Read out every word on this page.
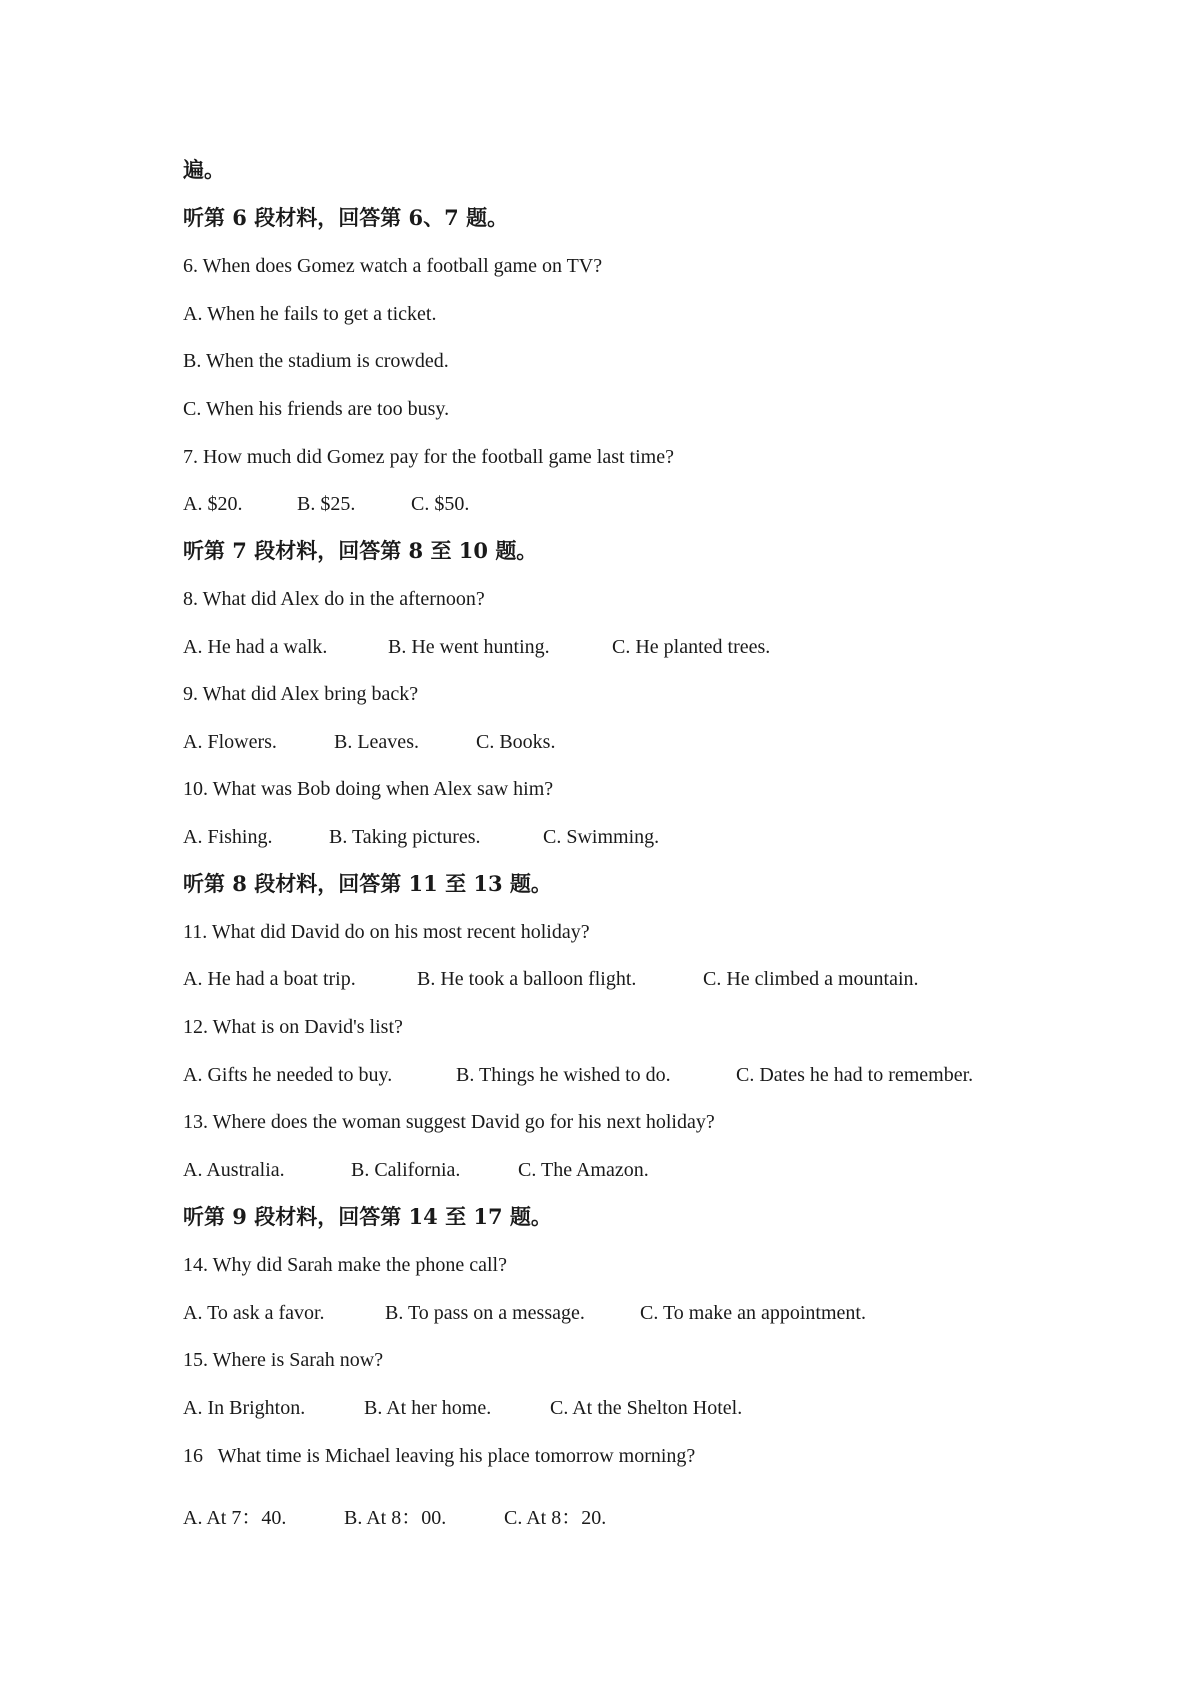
遍。
听第 6 段材料，回答第 6、7 题。
6. When does Gomez watch a football game on TV?
A. When he fails to get a ticket.
B. When the stadium is crowded.
C. When his friends are too busy.
7. How much did Gomez pay for the football game last time?
A. $20.	B. $25.	C. $50.
听第 7 段材料，回答第 8 至 10 题。
8. What did Alex do in the afternoon?
A. He had a walk.	B. He went hunting.	C. He planted trees.
9. What did Alex bring back?
A. Flowers.	B. Leaves.	C. Books.
10. What was Bob doing when Alex saw him?
A. Fishing.	B. Taking pictures.	C. Swimming.
听第 8 段材料，回答第 11 至 13 题。
11. What did David do on his most recent holiday?
A. He had a boat trip.	B. He took a balloon flight.	C. He climbed a mountain.
12. What is on David's list?
A. Gifts he needed to buy.	B. Things he wished to do.	C. Dates he had to remember.
13. Where does the woman suggest David go for his next holiday?
A. Australia.	B. California.	C. The Amazon.
听第 9 段材料，回答第 14 至 17 题。
14. Why did Sarah make the phone call?
A. To ask a favor.	B. To pass on a message.	C. To make an appointment.
15. Where is Sarah now?
A. In Brighton.	B. At her home.	C. At the Shelton Hotel.
16   What time is Michael leaving his place tomorrow morning?
A. At 7：40.	B. At 8：00.	C. At 8：20.
